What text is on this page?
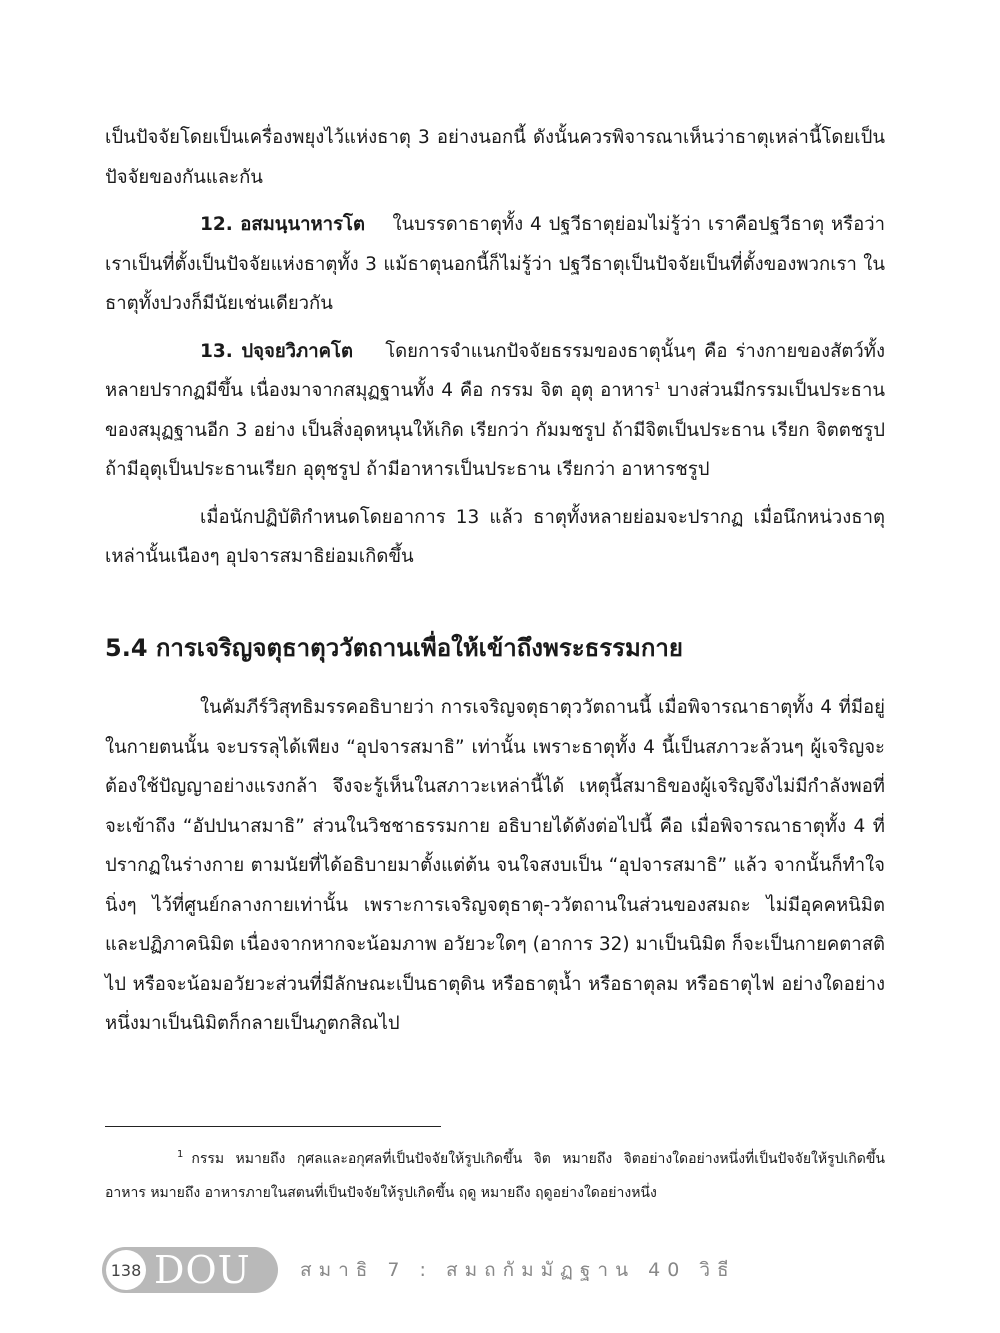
เป็นปัจจัยโดยเป็นเครื่องพยุงไว้แห่งธาตุ 3 อย่างนอกนี้ ดังนั้นควรพิจารณาเห็นว่าธาตุเหล่านี้โดยเป็นปัจจัยของกันและกัน

12. อสมนฺนาหารโต ในบรรดาธาตุทั้ง 4 ปฐวีธาตุย่อมไม่รู้ว่า เราคือปฐวีธาตุ หรือว่าเราเป็นที่ตั้งเป็นปัจจัยแห่งธาตุทั้ง 3 แม้ธาตุนอกนี้ก็ไม่รู้ว่า ปฐวีธาตุเป็นปัจจัยเป็นที่ตั้งของพวกเรา ในธาตุทั้งปวงก็มีนัยเช่นเดียวกัน

13. ปจฺจยวิภาคโต โดยการจำแนกปัจจัยธรรมของธาตุนั้นๆ คือ ร่างกายของสัตว์ทั้งหลายปรากฏมีขึ้น เนื่องมาจากสมุฏฐานทั้ง 4 คือ กรรม จิต อุตุ อาหาร$^1$ บางส่วนมีกรรมเป็นประธานของสมุฏฐานอีก 3 อย่าง เป็นสิ่งอุดหนุนให้เกิด เรียกว่า กัมมชรูป ถ้ามีจิตเป็นประธาน เรียก จิตตชรูป ถ้ามีอุตุเป็นประธานเรียก อุตุชรูป ถ้ามีอาหารเป็นประธาน เรียกว่า อาหารชรูป

เมื่อนักปฏิบัติกำหนดโดยอาการ 13 แล้ว ธาตุทั้งหลายย่อมจะปรากฏ เมื่อนึกหน่วงธาตุเหล่านั้นเนืองๆ อุปจารสมาธิย่อมเกิดขึ้น

5.4 การเจริญจตุธาตุววัตถานเพื่อให้เข้าถึงพระธรรมกาย

ในคัมภีร์วิสุทธิมรรคอธิบายว่า การเจริญจตุธาตุววัตถานนี้ เมื่อพิจารณาธาตุทั้ง 4 ที่มีอยู่ในกายตนนั้น จะบรรลุได้เพียง “อุปจารสมาธิ” เท่านั้น เพราะธาตุทั้ง 4 นี้เป็นสภาวะล้วนๆ ผู้เจริญจะต้องใช้ปัญญาอย่างแรงกล้า จึงจะรู้เห็นในสภาวะเหล่านี้ได้ เหตุนี้สมาธิของผู้เจริญจึงไม่มีกำลังพอที่จะเข้าถึง “อัปปนาสมาธิ” ส่วนในวิชชาธรรมกาย อธิบายได้ดังต่อไปนี้ คือ เมื่อพิจารณาธาตุทั้ง 4 ที่ปรากฏในร่างกาย ตามนัยที่ได้อธิบายมาตั้งแต่ต้น จนใจสงบเป็น “อุปจารสมาธิ” แล้ว จากนั้นก็ทำใจนิ่งๆ ไว้ที่ศูนย์กลางกายเท่านั้น เพราะการเจริญจตุธาตุ-ววัตถานในส่วนของสมถะ ไม่มีอุคคหนิมิตและปฏิภาคนิมิต เนื่องจากหากจะน้อมภาพ อวัยวะใดๆ (อาการ 32) มาเป็นนิมิต ก็จะเป็นกายคตาสติไป หรือจะน้อมอวัยวะส่วนที่มีลักษณะเป็นธาตุดิน หรือธาตุน้ำ หรือธาตุลม หรือธาตุไฟ อย่างใดอย่างหนึ่งมาเป็นนิมิตก็กลายเป็นภูตกสิณไป

$^1$ กรรม หมายถึง กุศลและอกุศลที่เป็นปัจจัยให้รูปเกิดขึ้น จิต หมายถึง จิตอย่างใดอย่างหนึ่งที่เป็นปัจจัยให้รูปเกิดขึ้น อาหาร หมายถึง อาหารภายในสตนที่เป็นปัจจัยให้รูปเกิดขึ้น ฤดู หมายถึง ฤดูอย่างใดอย่างหนึ่ง
138 DOU	สมาธิ 7 : สมถกัมมัฏฐาน 40 วิธี
